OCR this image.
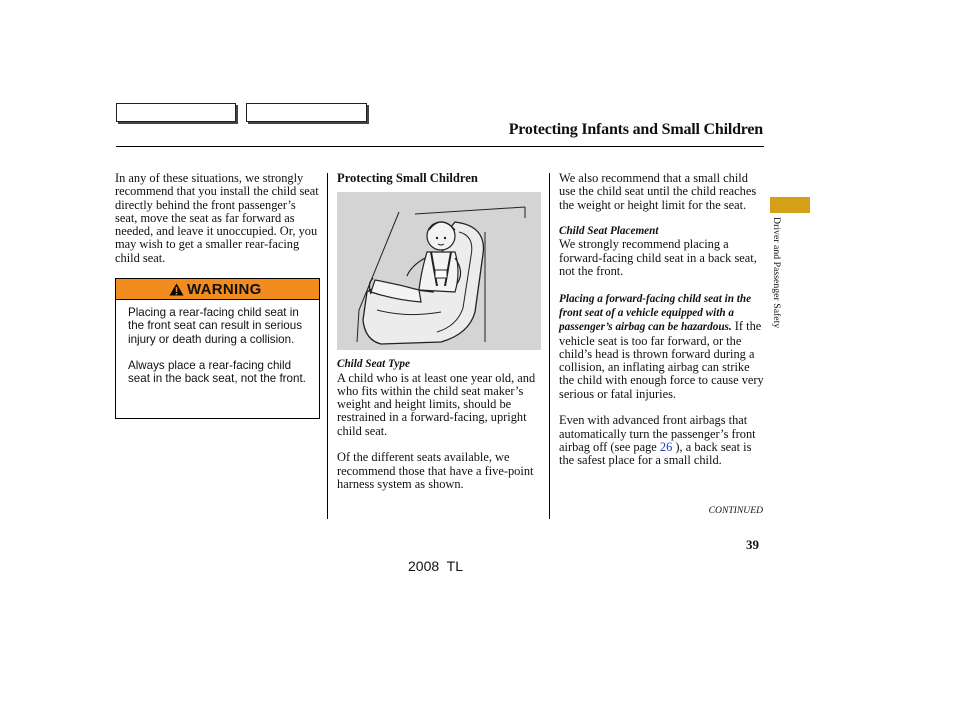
Protecting Infants and Small Children

In any of these situations, we strongly recommend that you install the child seat directly behind the front passenger’s seat, move the seat as far forward as needed, and leave it unoccupied. Or, you may wish to get a smaller rear-facing child seat.

WARNING

Placing a rear-facing child seat in the front seat can result in serious injury or death during a collision.

Always place a rear-facing child seat in the back seat, not the front.

Protecting Small Children
Child Seat Type

A child who is at least one year old, and who fits within the child seat maker’s weight and height limits, should be restrained in a forward-facing, upright child seat.

Of the different seats available, we recommend those that have a five-point harness system as shown.

We also recommend that a small child use the child seat until the child reaches the weight or height limit for the seat.

Child Seat Placement
We strongly recommend placing a forward-facing child seat in a back seat, not the front.

Placing a forward-facing child seat in the front seat of a vehicle equipped with a passenger’s airbag can be hazardous. If the vehicle seat is too far forward, or the child’s head is thrown forward during a collision, an inflating airbag can strike the child with enough force to cause very serious or fatal injuries.

Even with advanced front airbags that automatically turn the passenger’s front airbag off (see page 26 ), a back seat is the safest place for a small child.

CONTINUED
39
2008  TL
Driver and Passenger Safety
